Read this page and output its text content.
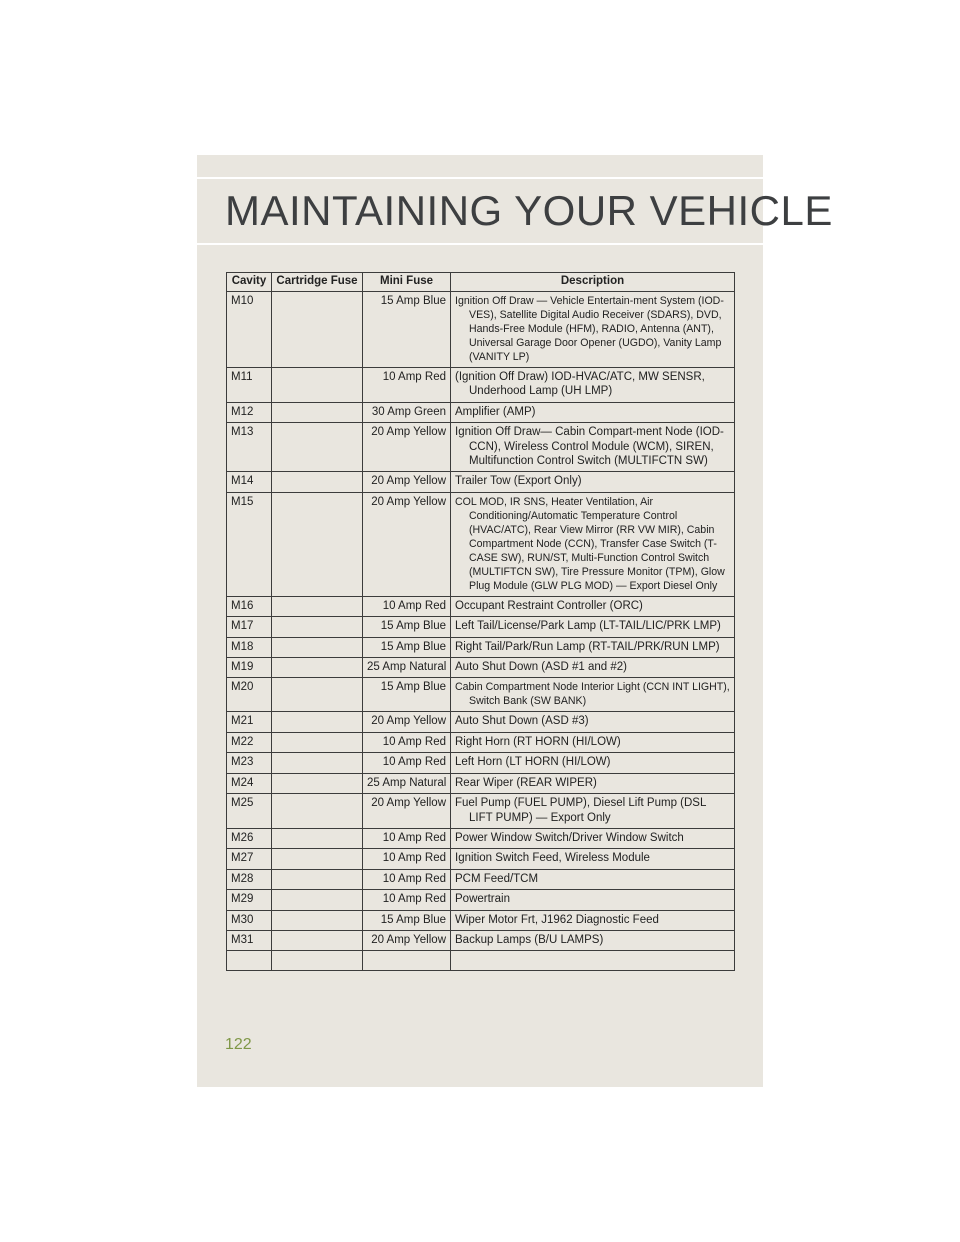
MAINTAINING YOUR VEHICLE
Cavity	Cartridge Fuse	Mini Fuse	Description
M10		15 Amp Blue	Ignition Off Draw — Vehicle Entertain-ment System (IOD-VES), Satellite Digital Audio Receiver (SDARS), DVD, Hands-Free Module (HFM), RADIO, Antenna (ANT), Universal Garage Door Opener (UGDO), Vanity Lamp (VANITY LP)

M11		10 Amp Red	(Ignition Off Draw) IOD-HVAC/ATC, MW SENSR, Underhood Lamp (UH LMP)

M12		30 Amp Green	Amplifier (AMP)

M13		20 Amp Yellow	Ignition Off Draw— Cabin Compart-ment Node (IOD-CCN), Wireless Control Module (WCM), SIREN, Multifunction Control Switch (MULTIFCTN SW)

M14		20 Amp Yellow	Trailer Tow (Export Only)

M15		20 Amp Yellow	COL MOD, IR SNS, Heater Ventilation, Air Conditioning/Automatic Temperature Control (HVAC/ATC), Rear View Mirror (RR VW MIR), Cabin Compartment Node (CCN), Transfer Case Switch (T-CASE SW), RUN/ST, Multi-Function Control Switch (MULTIFTCN SW), Tire Pressure Monitor (TPM), Glow Plug Module (GLW PLG MOD) — Export Diesel Only

M16		10 Amp Red	Occupant Restraint Controller (ORC)

M17		15 Amp Blue	Left Tail/License/Park Lamp (LT-TAIL/LIC/PRK LMP)

M18		15 Amp Blue	Right Tail/Park/Run Lamp (RT-TAIL/PRK/RUN LMP)

M19		25 Amp Natural	Auto Shut Down (ASD #1 and #2)

M20		15 Amp Blue	Cabin Compartment Node Interior Light (CCN INT LIGHT), Switch Bank (SW BANK)

M21		20 Amp Yellow	Auto Shut Down (ASD #3)

M22		10 Amp Red	Right Horn (RT HORN (HI/LOW)

M23		10 Amp Red	Left Horn (LT HORN (HI/LOW)

M24		25 Amp Natural	Rear Wiper (REAR WIPER)

M25		20 Amp Yellow	Fuel Pump (FUEL PUMP), Diesel Lift Pump (DSL LIFT PUMP) — Export Only

M26		10 Amp Red	Power Window Switch/Driver Window Switch

M27		10 Amp Red	Ignition Switch Feed, Wireless Module

M28		10 Amp Red	PCM Feed/TCM

M29		10 Amp Red	Powertrain

M30		15 Amp Blue	Wiper Motor Frt, J1962 Diagnostic Feed

M31		20 Amp Yellow	Backup Lamps (B/U LAMPS)

122
